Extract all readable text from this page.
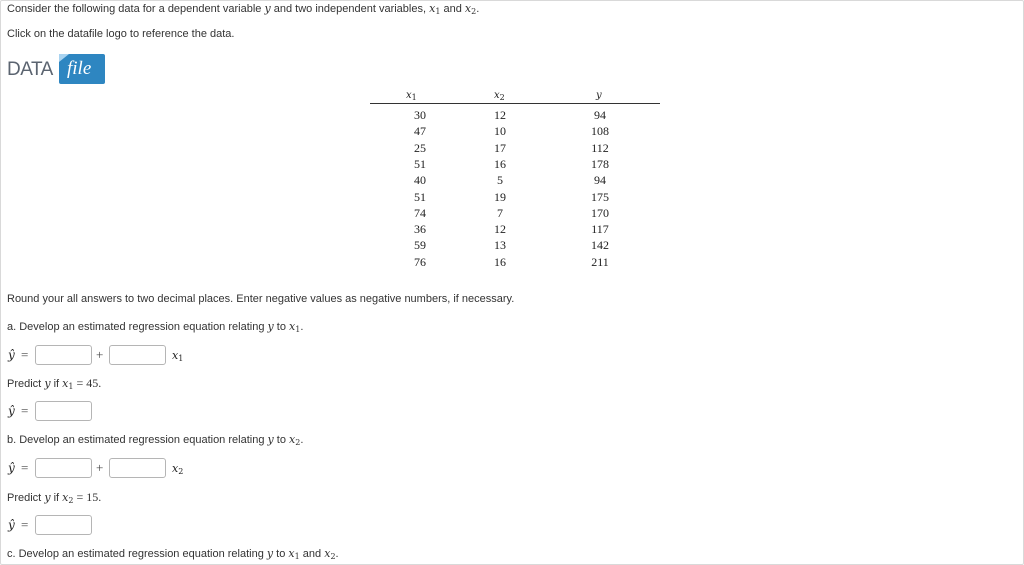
Consider the following data for a dependent variable y and two independent variables, x1 and x2.
Click on the datafile logo to reference the data.
DATA file
$x_1$	$x_2$	y
30	12	94
47	10	108
25	17	112
51	16	178
40	5	94
51	19	175
74	7	170
36	12	117
59	13	142
76	16	211
Round your all answers to two decimal places. Enter negative values as negative numbers, if necessary.
a. Develop an estimated regression equation relating y to x1.
ŷ =	+	x1
Predict y if x1 = 45.
ŷ =
b. Develop an estimated regression equation relating y to x2.
ŷ =	+	x2
Predict y if x2 = 15.
ŷ =
c. Develop an estimated regression equation relating y to x1 and x2.
